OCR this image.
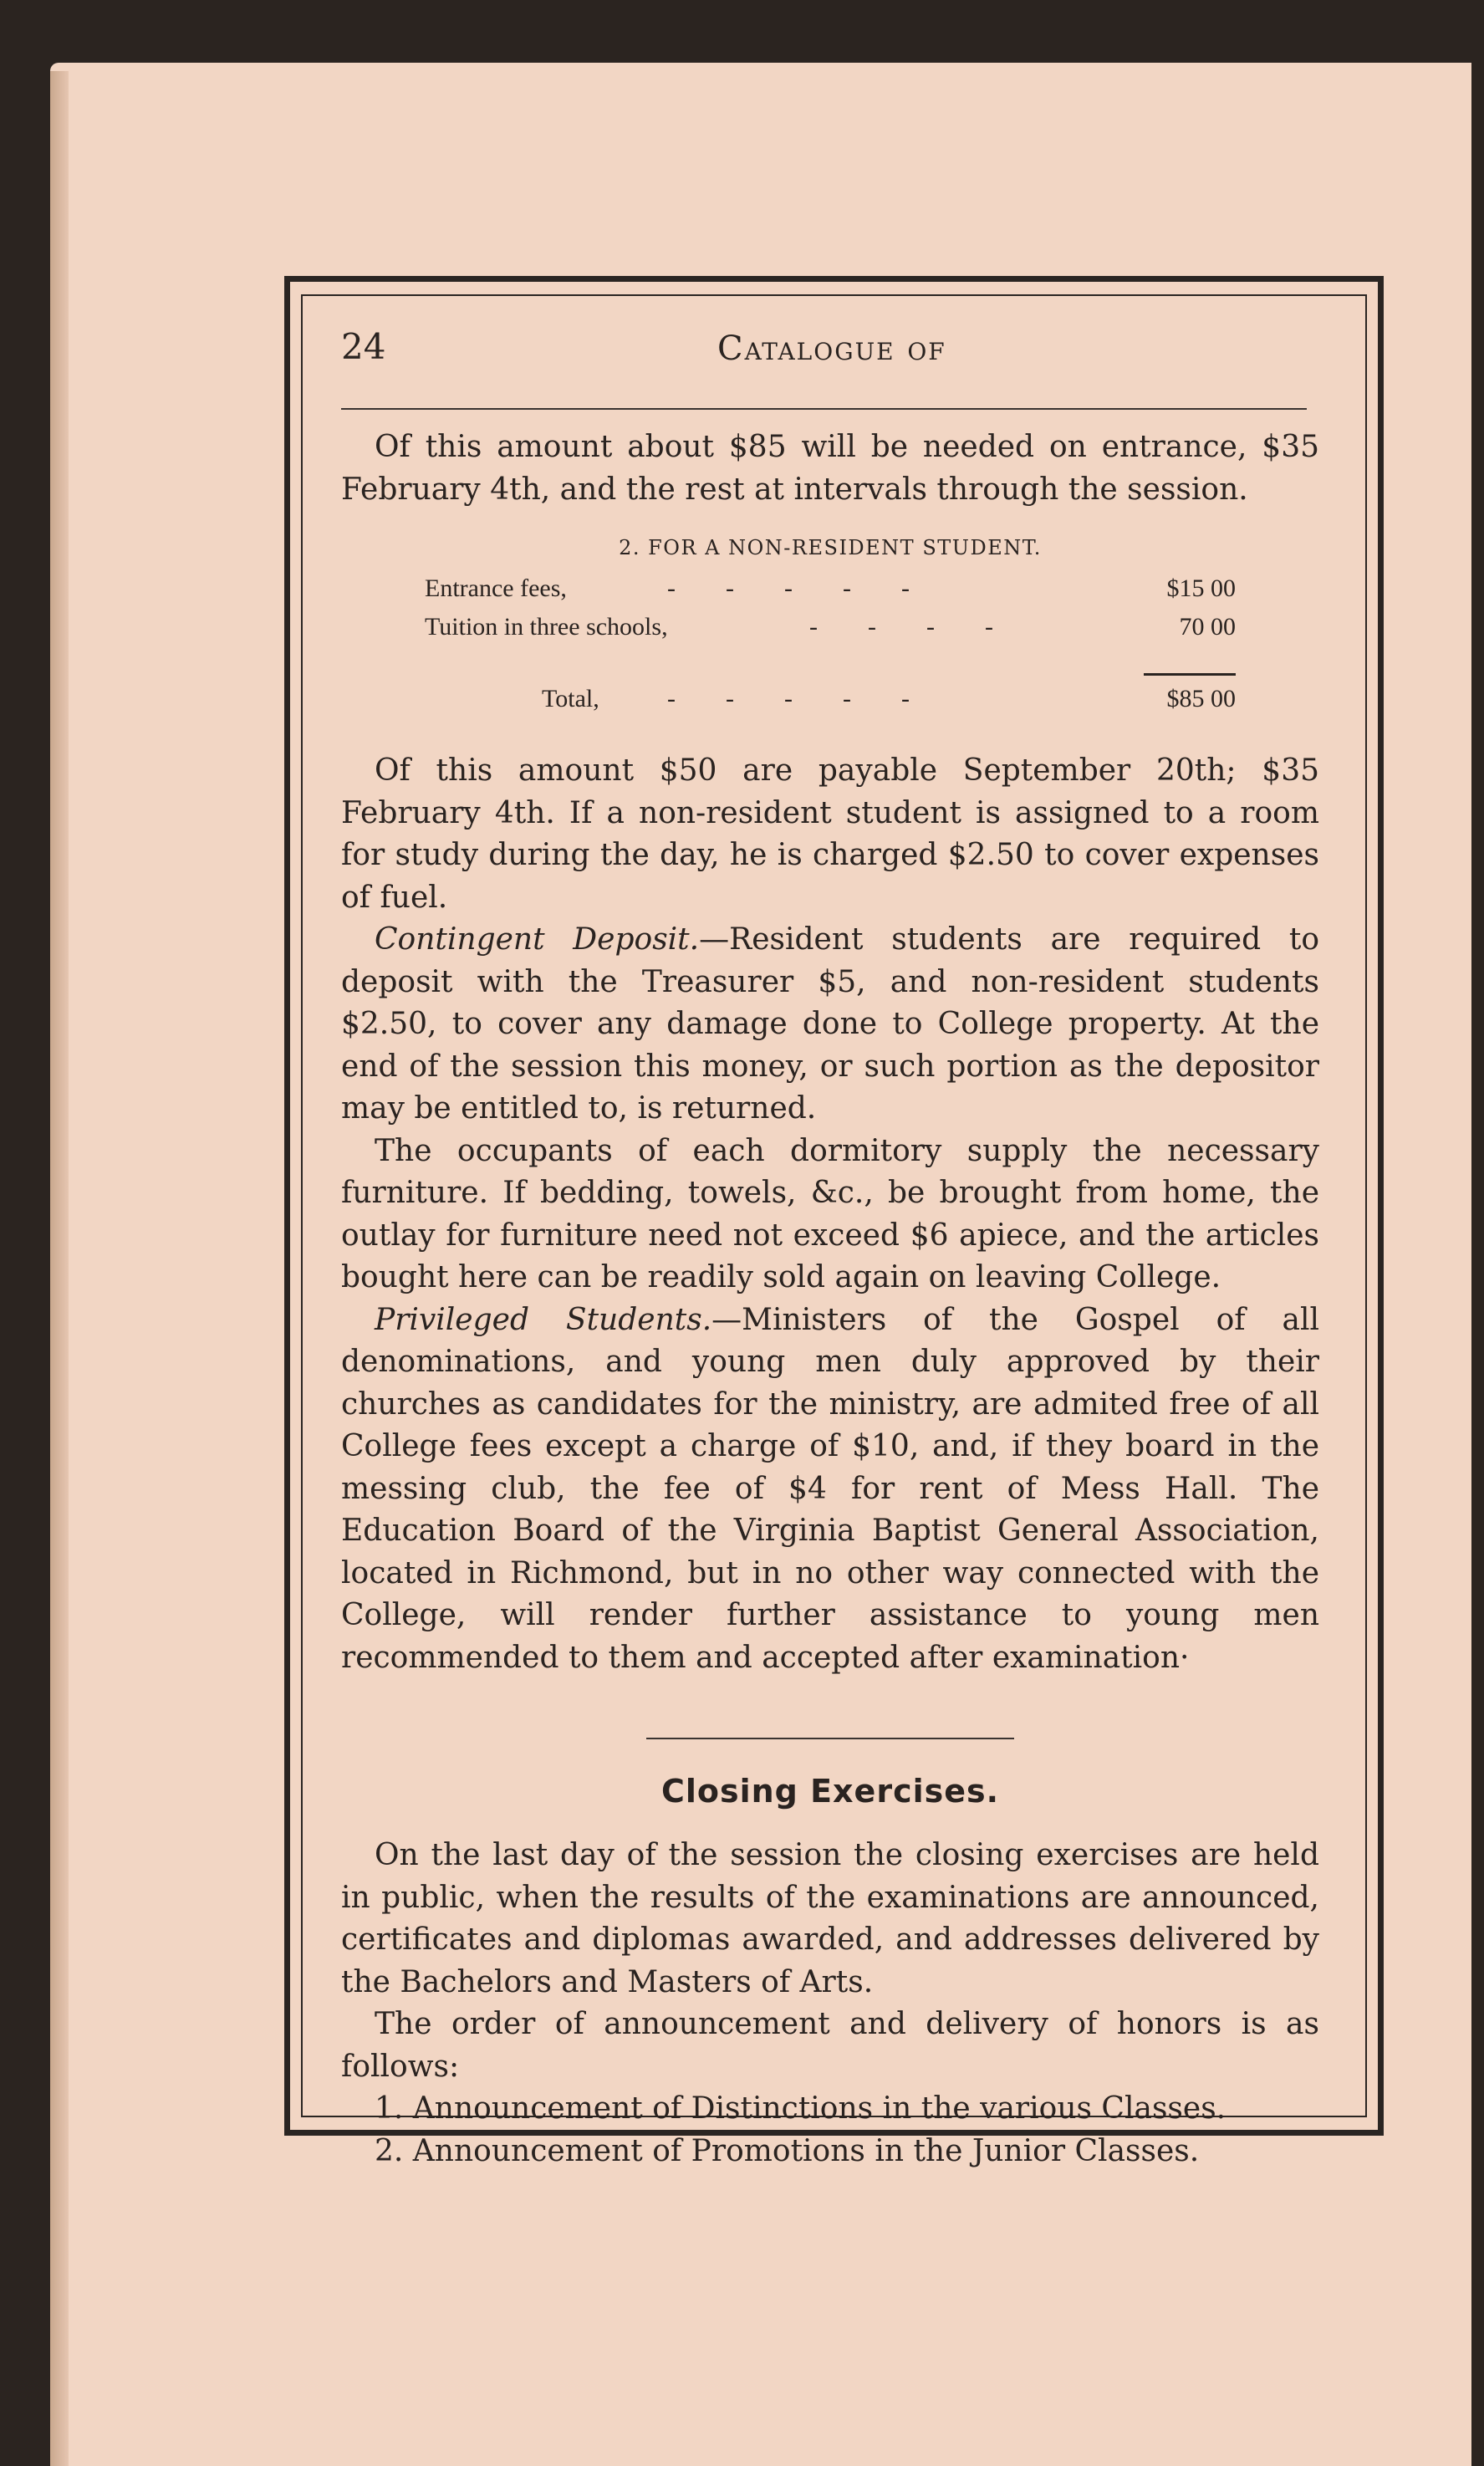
24	Catalogue of

Of this amount about $85 will be needed on entrance, $35 February 4th, and the rest at intervals through the session.

2. FOR A NON-RESIDENT STUDENT.
Entrance fees,	-        -        -        -        -	$15 00
Tuition in three schools,	-        -        -        -	70 00
Total,	-        -        -        -        -	$85 00

Of this amount $50 are payable September 20th; $35 February 4th. If a non-resident student is assigned to a room for study during the day, he is charged $2.50 to cover expenses of fuel.

Contingent Deposit.—Resident students are required to deposit with the Treasurer $5, and non-resident students $2.50, to cover any damage done to College property. At the end of the session this money, or such portion as the depositor may be entitled to, is returned.

The occupants of each dormitory supply the necessary furniture. If bedding, towels, &c., be brought from home, the outlay for furniture need not exceed $6 apiece, and the articles bought here can be readily sold again on leaving College.

Privileged Students.—Ministers of the Gospel of all denominations, and young men duly approved by their churches as candidates for the ministry, are admited free of all College fees except a charge of $10, and, if they board in the messing club, the fee of $4 for rent of Mess Hall. The Education Board of the Virginia Baptist General Association, located in Richmond, but in no other way connected with the College, will render further assistance to young men recommended to them and accepted after examination·

Closing Exercises.

On the last day of the session the closing exercises are held in public, when the results of the examinations are announced, certificates and diplomas awarded, and addresses delivered by the Bachelors and Masters of Arts.

The order of announcement and delivery of honors is as follows:

1. Announcement of Distinctions in the various Classes.

2. Announcement of Promotions in the Junior Classes.
